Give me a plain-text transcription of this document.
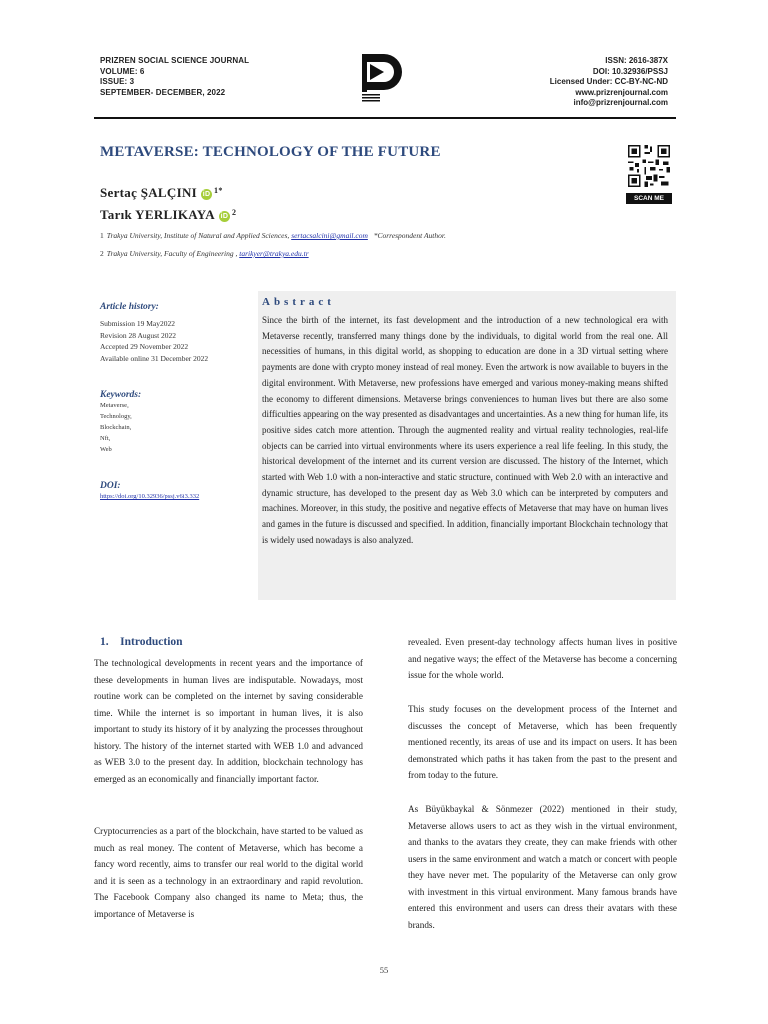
PRIZREN SOCIAL SCIENCE JOURNAL
VOLUME: 6
ISSUE: 3
SEPTEMBER- DECEMBER, 2022
ISSN: 2616-387X
DOI: 10.32936/PSSJ
Licensed Under: CC-BY-NC-ND
www.prizrenjournal.com
info@prizrenjournal.com
METAVERSE: TECHNOLOGY OF THE FUTURE
SCAN ME
Sertaç ŞALÇINI iD $^{1*}$
Tarık YERLIKAYA iD $^2$
1 Trakya University, Institute of Natural and Applied Sciences, sertacsalcini@gmail.com *Correspondent Author.
2 Trakya University, Faculty of Engineering , tarikyer@trakya.edu.tr
Article history:
Submission 19 May2022
Revision 28 August 2022
Accepted 29 November 2022
Available online 31 December 2022
Keywords:
Metaverse,
Technology,
Blockchain,
Nft,
Web
DOI:
https://doi.org/10.32936/pssj.v6i3.332
Abstract

Since the birth of the internet, its fast development and the introduction of a new technological era with Metaverse recently, transferred many things done by the individuals, to digital world from the real one. All necessities of humans, in this digital world, as shopping to education are done in a 3D virtual setting where payments are done with crypto money instead of real money. Even the artwork is now available to buyers in the digital environment. With Metaverse, new professions have emerged and various money-making means shifted the economy to different dimensions. Metaverse brings conveniences to human lives but there are also some difficulties appearing on the way presented as disadvantages and uncertainties. As a new thing for human life, its positive sides catch more attention. Through the augmented reality and virtual reality technologies, real-life objects can be carried into virtual environments where its users experience a real life feeling. In this study, the historical development of the internet and its current version are discussed. The history of the Internet, which started with Web 1.0 with a non-interactive and static structure, continued with Web 2.0 with an interactive and dynamic structure, has developed to the present day as Web 3.0 which can be interpreted by computers and machines. Moreover, in this study, the positive and negative effects of Metaverse that may have on human lives and games in the future is discussed and specified. In addition, financially important Blockchain technology that is widely used nowadays is also analyzed.

1.    Introduction

The technological developments in recent years and the importance of these developments in human lives are indisputable. Nowadays, most routine work can be completed on the internet by saving considerable time. While the internet is so important in human lives, it is also important to study its history of it by analyzing the processes throughout history. The history of the internet started with WEB 1.0 and advanced as WEB 3.0 to the present day. In addition, blockchain technology has emerged as an economically and financially important factor.

Cryptocurrencies as a part of the blockchain, have started to be valued as much as real money. The content of Metaverse, which has become a fancy word recently, aims to transfer our real world to the digital world and it is seen as a technology in an extraordinary and rapid revolution. The Facebook Company also changed its name to Meta; thus, the importance of Metaverse is

revealed. Even present-day technology affects human lives in positive and negative ways; the effect of the Metaverse has become a concerning issue for the whole world.

This study focuses on the development process of the Internet and discusses the concept of Metaverse, which has been frequently mentioned recently, its areas of use and its impact on users. It has been demonstrated which paths it has taken from the past to the present and from today to the future.

As Büyükbaykal & Sönmezer (2022) mentioned in their study, Metaverse allows users to act as they wish in the virtual environment, and thanks to the avatars they create, they can make friends with other users in the same environment and watch a match or concert with people they have never met. The popularity of the Metaverse can only grow with investment in this virtual environment. Many famous brands have entered this environment and users can dress their avatars with these brands.

55
